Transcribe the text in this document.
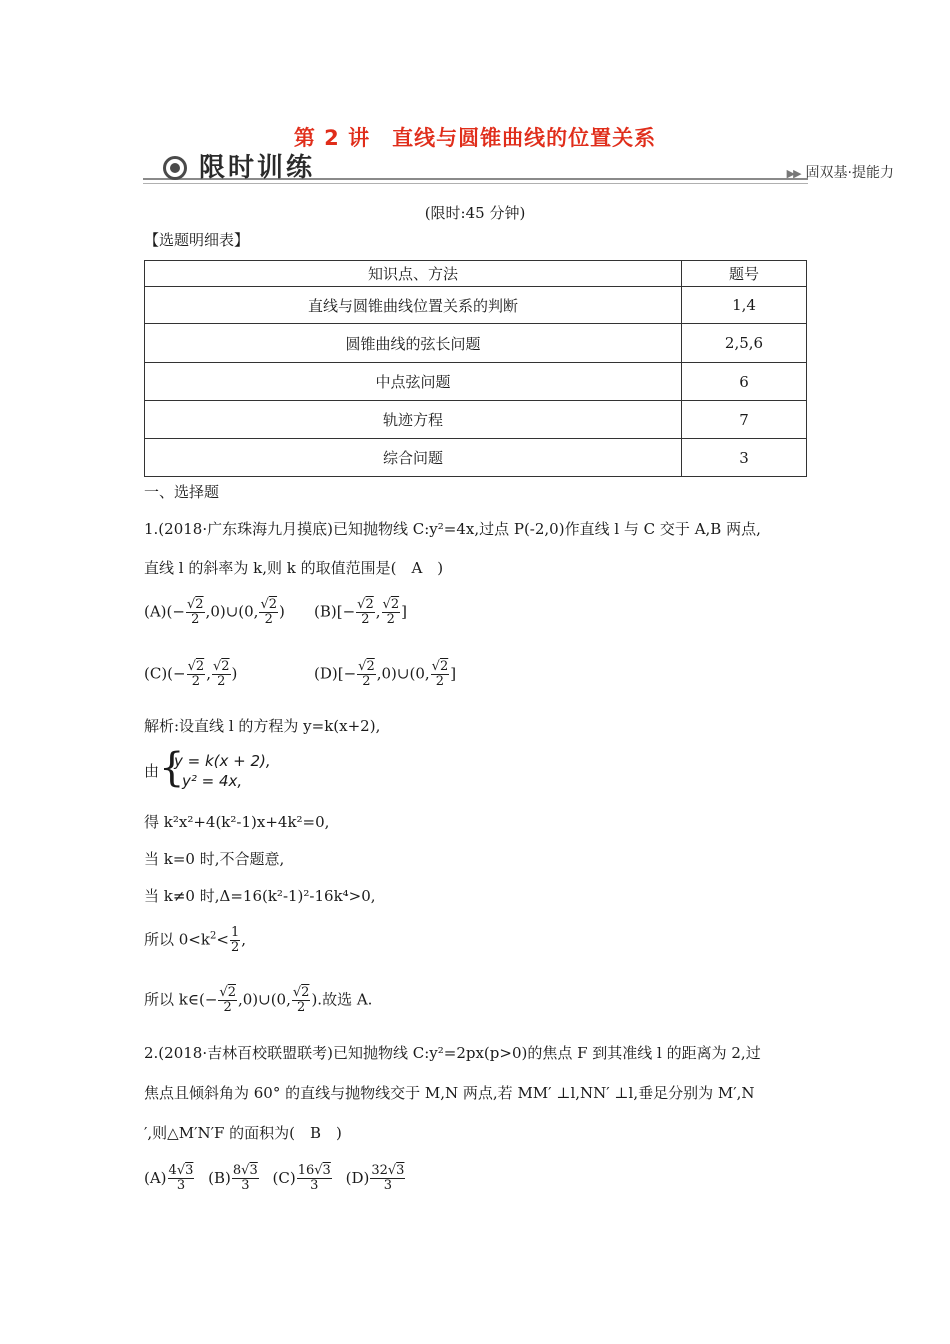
第 2 讲　直线与圆锥曲线的位置关系
限时训练	▶▶ 固双基·提能力
(限时:45 分钟)
【选题明细表】
知识点、方法	题号
直线与圆锥曲线位置关系的判断	1,4
圆锥曲线的弦长问题	2,5,6
中点弦问题	6
轨迹方程	7
综合问题	3
一、选择题
1.(2018·广东珠海九月摸底)已知抛物线 C:y²=4x,过点 P(-2,0)作直线 l 与 C 交于 A,B 两点,
直线 l 的斜率为 k,则 k 的取值范围是(　A　)
$(A)(- \frac{√2}{2}$ ,0)∪(0, $\frac{√2}{2}$ ) $(B)[- \frac{√2}{2}$ , $\frac{√2}{2}$ ]
$(C)(- \frac{√2}{2}$ , $\frac{√2}{2}$ )	$(D)[- \frac{√2}{2}$ ,0)∪(0, $\frac{√2}{2}$ ]
解析:设直线 l 的方程为 y=k(x+2),
由 {
y = k(x + 2),
y² = 4x,
得 k²x²+4(k²-1)x+4k²=0,
当 k=0 时,不合题意,
当 k≠0 时,Δ=16(k²-1)²-16k⁴>0,
所以 $0<k^2< \frac{1}{2}$ ,
所以 k∈(− $\frac{√2}{2}$ ,0)∪(0, $\frac{√2}{2}$ ).故选 A.
2.(2018·吉林百校联盟联考)已知抛物线 C:y²=2px(p>0)的焦点 F 到其准线 l 的距离为 2,过
焦点且倾斜角为 60° 的直线与抛物线交于 M,N 两点,若 MM′ ⊥l,NN′ ⊥l,垂足分别为 M′,N
′,则△M′N′F 的面积为(　B　)
$(A) \frac{4√3}{3} (B) \frac{8√3}{3} (C) \frac{16√3}{3} (D) \frac{32√3}{3}$
